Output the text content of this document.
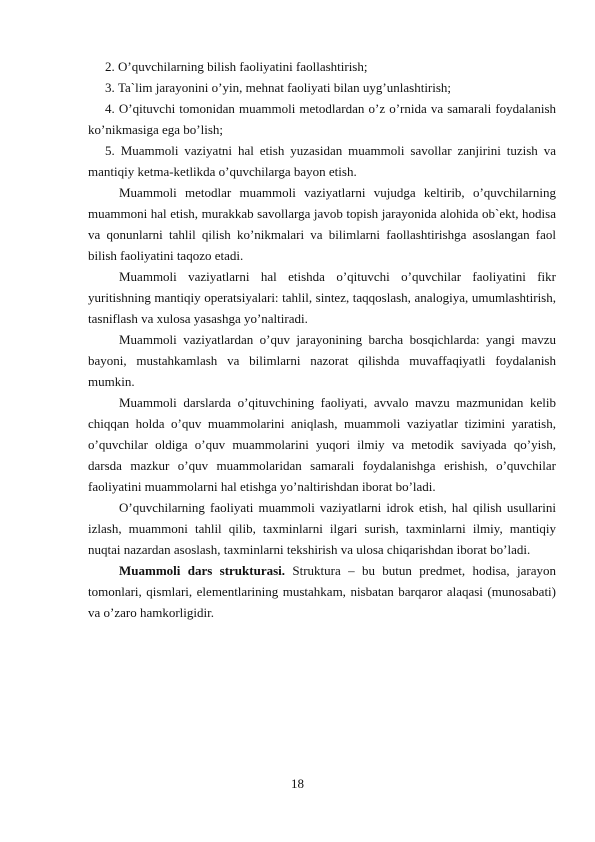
2. O’quvchilarning bilish faoliyatini faollashtirish;

3. Ta`lim jarayonini o’yin, mehnat faoliyati bilan uyg’unlashtirish;

4. O’qituvchi tomonidan muammoli metodlardan o’z o’rnida va samarali foydalanish ko’nikmasiga ega bo’lish;

5. Muammoli vaziyatni hal etish yuzasidan muammoli savollar zanjirini tuzish va mantiqiy ketma-ketlikda o’quvchilarga bayon etish.

Muammoli metodlar muammoli vaziyatlarni vujudga keltirib, o’quvchilarning muammoni hal etish, murakkab savollarga javob topish jarayonida alohida ob`ekt, hodisa va qonunlarni tahlil qilish ko’nikmalari va bilimlarni faollashtirishga asoslangan faol bilish faoliyatini taqozo etadi.

Muammoli vaziyatlarni hal etishda o’qituvchi o’quvchilar faoliyatini fikr yuritishning mantiqiy operatsiyalari: tahlil, sintez, taqqoslash, analogiya, umumlashtirish, tasniflash va xulosa yasashga yo’naltiradi.

Muammoli vaziyatlardan o’quv jarayonining barcha bosqichlarda: yangi mavzu bayoni, mustahkamlash va bilimlarni nazorat qilishda muvaffaqiyatli foydalanish mumkin.

Muammoli darslarda o’qituvchining faoliyati, avvalo mavzu mazmunidan kelib chiqqan holda o’quv muammolarini aniqlash, muammoli vaziyatlar tizimini yaratish, o’quvchilar oldiga o’quv muammolarini yuqori ilmiy va metodik saviyada qo’yish, darsda mazkur o’quv muammolaridan samarali foydalanishga erishish, o’quvchilar faoliyatini muammolarni hal etishga yo’naltirishdan iborat bo’ladi.

O’quvchilarning faoliyati muammoli vaziyatlarni idrok etish, hal qilish usullarini izlash, muammoni tahlil qilib, taxminlarni ilgari surish, taxminlarni ilmiy, mantiqiy nuqtai nazardan asoslash, taxminlarni tekshirish va ulosa chiqarishdan iborat bo’ladi.

Muammoli dars strukturasi. Struktura – bu butun predmet, hodisa, jarayon tomonlari, qismlari, elementlarining mustahkam, nisbatan barqaror alaqasi (munosabati) va o’zaro hamkorligidir.

18
